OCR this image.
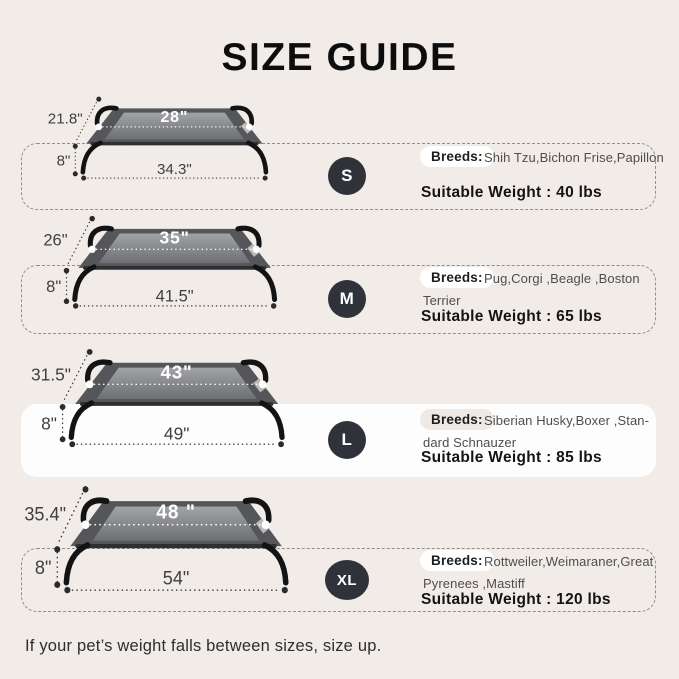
SIZE GUIDE
21.8"
8"
28"
34.3"	S
Breeds: Shih Tzu,Bichon Frise,Papillon
Suitable Weight : 40 lbs
26"
8"
35"
41.5"	M
Breeds: Pug,Corgi ,Beagle ,Boston
Terrier
Suitable Weight : 65 lbs
31.5"
8"
43"
49"	L
Breeds: Siberian Husky,Boxer ,Stan-
dard Schnauzer
Suitable Weight : 85 lbs
35.4"
8"
48 "
54"	XL
Breeds: Rottweiler,Weimaraner,Great
Pyrenees ,Mastiff
Suitable Weight : 120 lbs

If your pet’s weight falls between sizes, size up.
